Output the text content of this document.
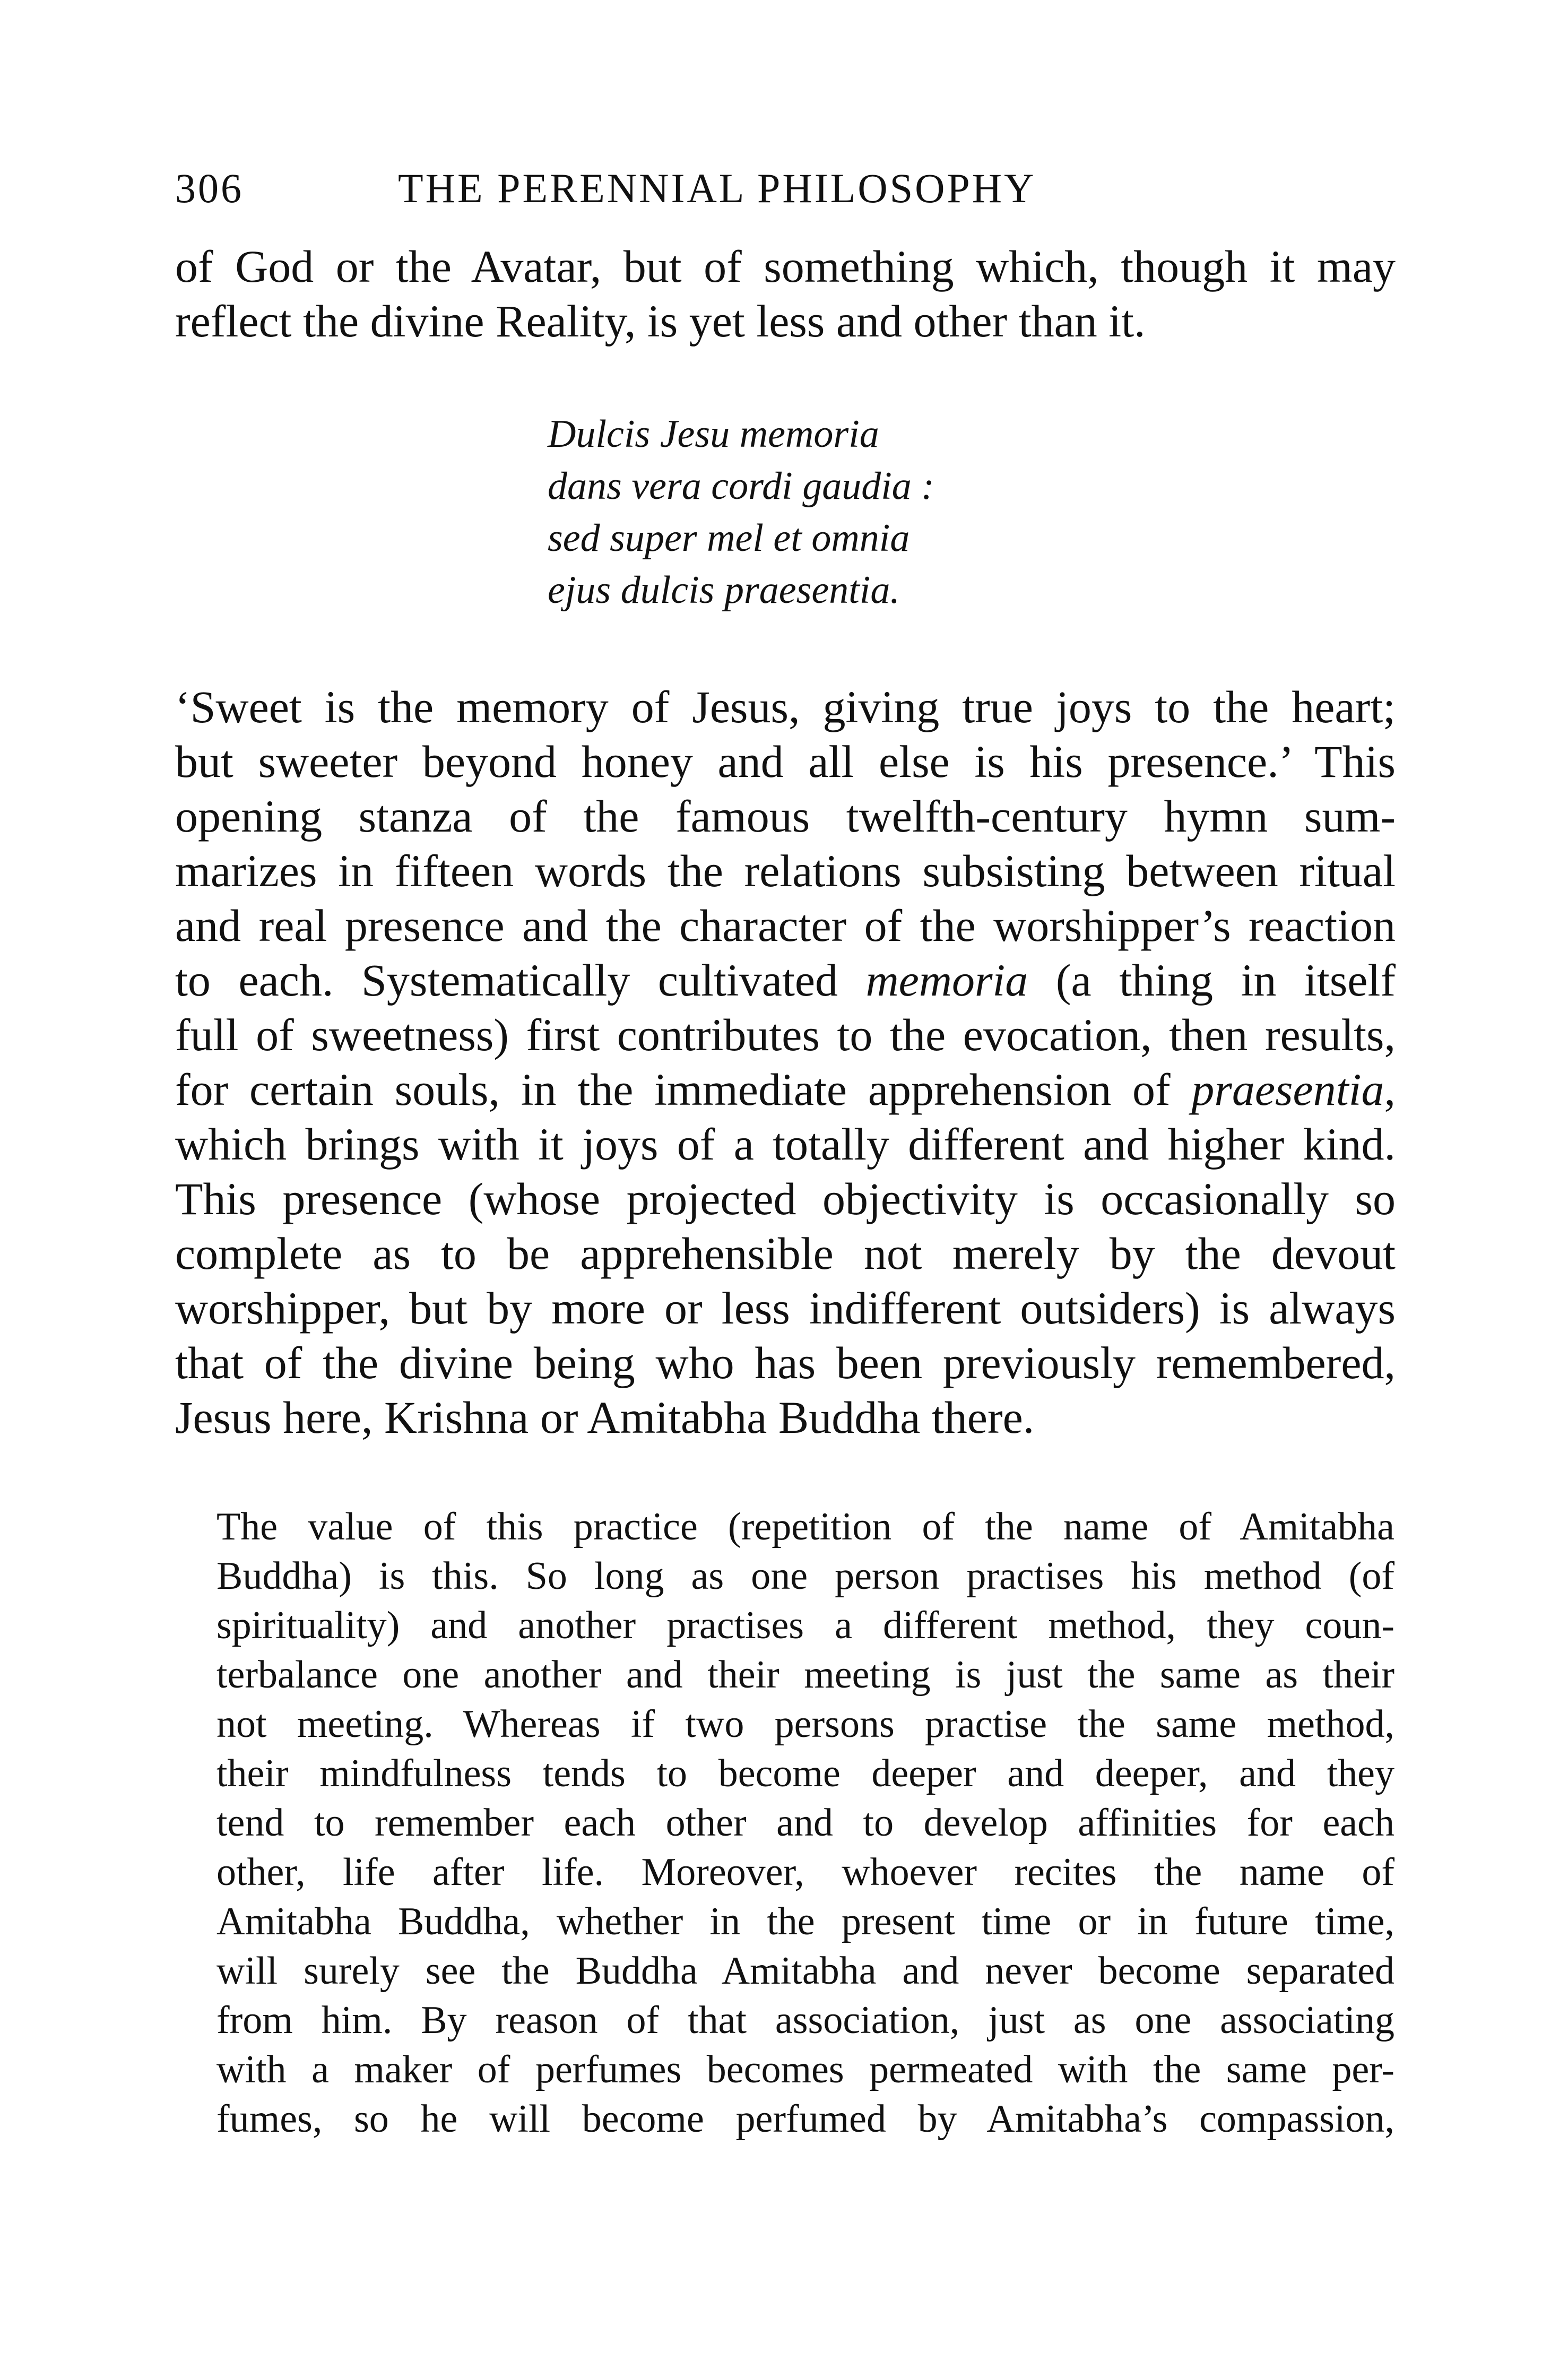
306	THE PERENNIAL PHILOSOPHY
of God or the Avatar, but of something which, though it may
reflect the divine Reality, is yet less and other than it.
Dulcis Jesu memoria
dans vera cordi gaudia :
sed super mel et omnia
ejus dulcis praesentia.
‘Sweet is the memory of Jesus, giving true joys to the heart;
but sweeter beyond honey and all else is his presence.’ This
opening stanza of the famous twelfth-century hymn sum-
marizes in fifteen words the relations subsisting between ritual
and real presence and the character of the worshipper’s reaction
to each. Systematically cultivated memoria (a thing in itself
full of sweetness) first contributes to the evocation, then results,
for certain souls, in the immediate apprehension of praesentia,
which brings with it joys of a totally different and higher kind.
This presence (whose projected objectivity is occasionally so
complete as to be apprehensible not merely by the devout
worshipper, but by more or less indifferent outsiders) is always
that of the divine being who has been previously remembered,
Jesus here, Krishna or Amitabha Buddha there.
The value of this practice (repetition of the name of Amitabha
Buddha) is this. So long as one person practises his method (of
spirituality) and another practises a different method, they coun-
terbalance one another and their meeting is just the same as their
not meeting. Whereas if two persons practise the same method,
their mindfulness tends to become deeper and deeper, and they
tend to remember each other and to develop affinities for each
other, life after life. Moreover, whoever recites the name of
Amitabha Buddha, whether in the present time or in future time,
will surely see the Buddha Amitabha and never become separated
from him. By reason of that association, just as one associating
with a maker of perfumes becomes permeated with the same per-
fumes, so he will become perfumed by Amitabha’s compassion,
